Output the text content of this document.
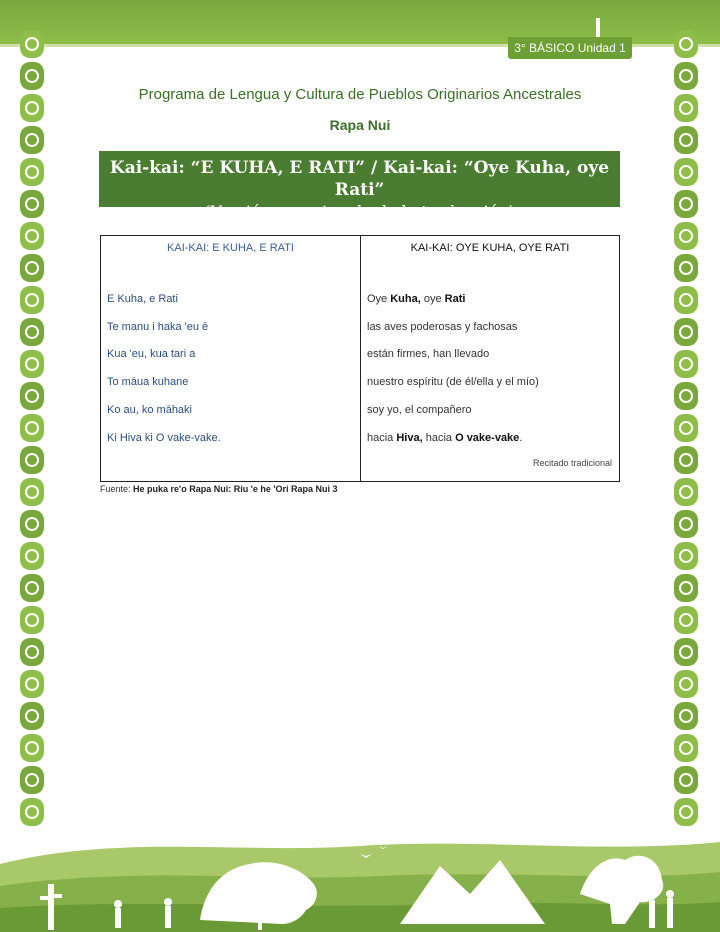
3° BÁSICO Unidad 1
Programa de Lengua y Cultura de Pueblos Originarios Ancestrales
Rapa Nui
Kai-kai: “E KUHA, E RATI” / Kai-kai: “Oye Kuha, oye Rati”
(Versión aproximada de la traducción)
KAI-KAI: E KUHA, E RATI
E Kuha, e Rati
Te manu i haka 'eu ē
Kua 'eu, kua tari a
To māua kuhane
Ko au, ko māhaki
Ki Hiva ki O vake-vake.
KAI-KAI: OYE KUHA, OYE RATI
Oye Kuha, oye Rati
las aves poderosas y fachosas
están firmes, han llevado
nuestro espíritu (de él/ella y el mío)
soy yo, el compañero
hacia Hiva, hacia O vake-vake.
Recitado tradicional
Fuente: He puka re'o Rapa Nui: Riu 'e he 'Ori Rapa Nui 3
